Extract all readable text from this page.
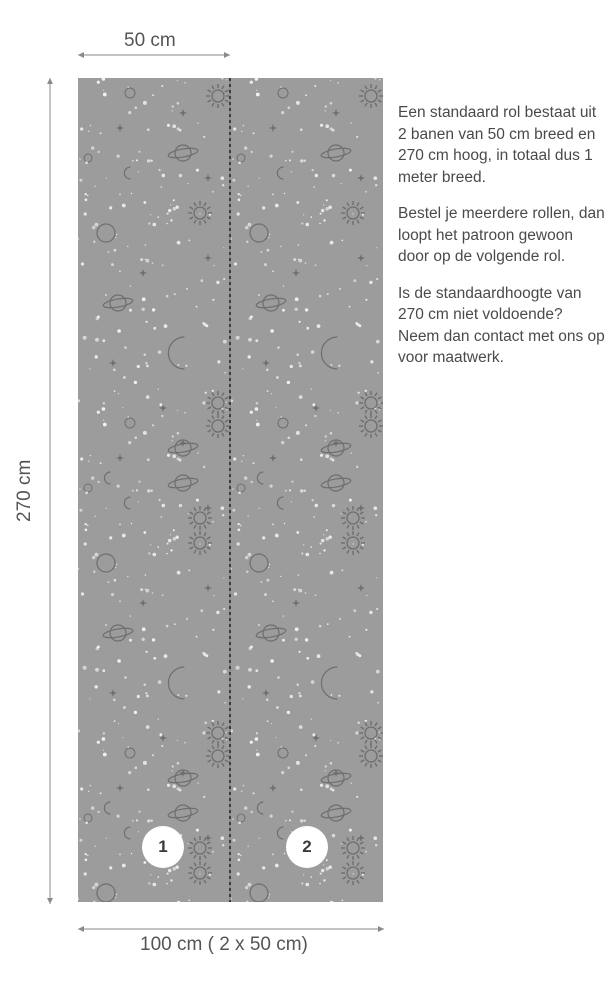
50 cm
270 cm
1	2
100 cm ( 2 x 50 cm)

Een standaard rol bestaat uit 2 banen van 50 cm breed en 270 cm hoog, in totaal dus 1 meter breed.

Bestel je meerdere rollen, dan loopt het patroon gewoon door op de volgende rol.

Is de standaardhoogte van 270 cm niet voldoende? Neem dan contact met ons op voor maatwerk.
